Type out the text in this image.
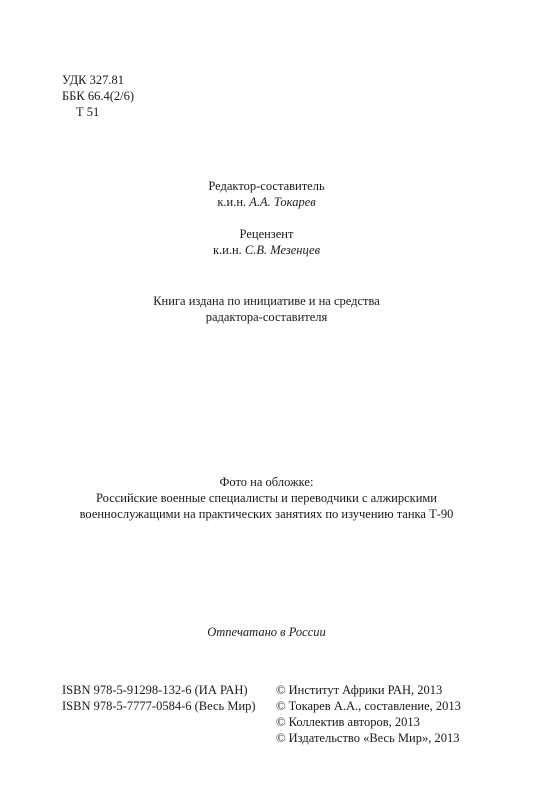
УДК 327.81
ББК 66.4(2/6)
Т 51
Редактор-составитель
к.и.н. А.А. Токарев
Рецензент
к.и.н. С.В. Мезенцев
Книга издана по инициативе и на средства
радактора-составителя
Фото на обложке:
Российские военные специалисты и переводчики с алжирскими
военнослужащими на практических занятиях по изучению танка Т-90
Отпечатано в России
ISBN 978-5-91298-132-6 (ИА РАН)
ISBN 978-5-7777-0584-6 (Весь Мир)
© Институт Африки РАН, 2013
© Токарев А.А., составление, 2013
© Коллектив авторов, 2013
© Издательство «Весь Мир», 2013
